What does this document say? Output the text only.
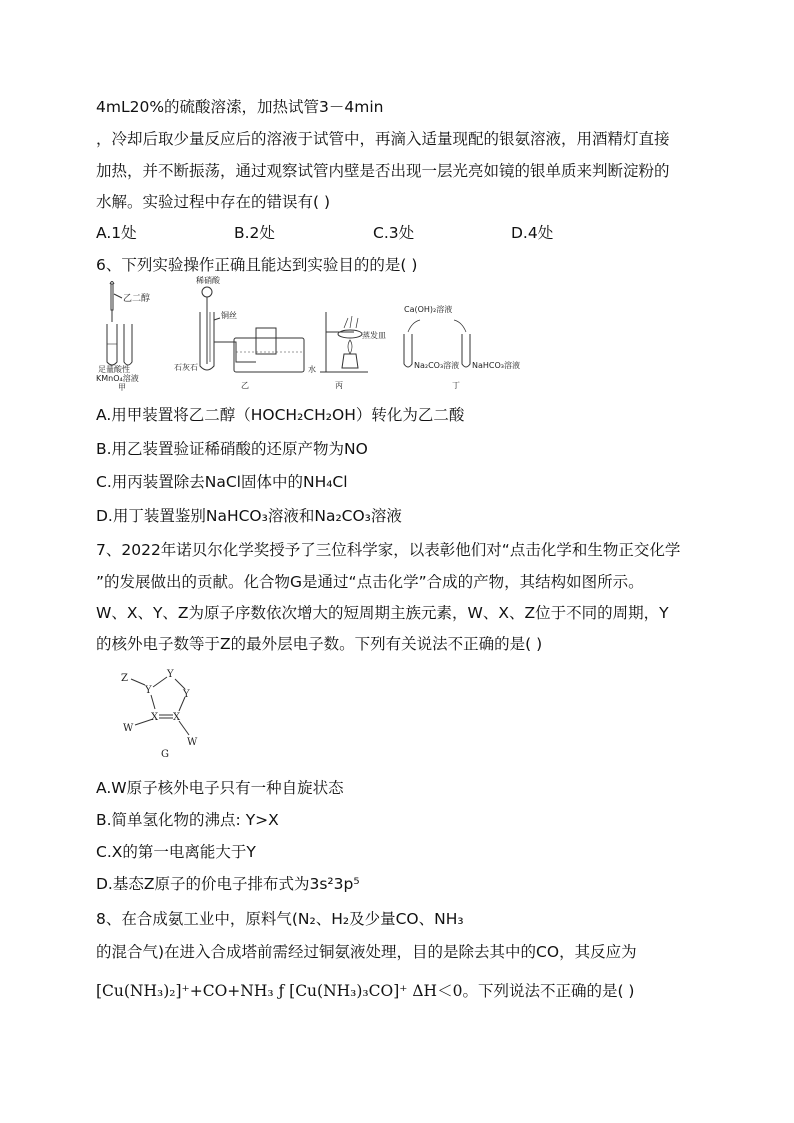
4mL20%的硫酸溶溹，加热试管3－4min
，冷却后取少量反应后的溶液于试管中，再滴入适量现配的银氨溶液，用酒精灯直接
加热，并不断振荡，通过观察试管内壁是否出现一层光亮如镜的银单质来判断淀粉的
水解。实验过程中存在的错误有( )
A.1处	B.2处	C.3处	D.4处
6、下列实验操作正确且能达到实验目的的是( )
乙二醇
足量酸性
KMnO₄溶液
甲
稀硝酸
铜丝
石灰石	水
乙
蒸发皿
丙
Ca(OH)₂溶液
Na₂CO₃溶液 NaHCO₃溶液
丁
A.用甲装置将乙二醇（HOCH₂CH₂OH）转化为乙二酸
B.用乙装置验证稀硝酸的还原产物为NO
C.用丙装置除去NaCl固体中的NH₄Cl
D.用丁装置鉴别NaHCO₃溶液和Na₂CO₃溶液
7、2022年诺贝尔化学奖授予了三位科学家，以表彰他们对“点击化学和生物正交化学
”的发展做出的贡献。化合物G是通过“点击化学”合成的产物，其结构如图所示。
W、X、Y、Z为原子序数依次增大的短周期主族元素，W、X、Z位于不同的周期，Y
的核外电子数等于Z的最外层电子数。下列有关说法不正确的是( )
Z
Y
Y
Y
X X
W
W
G
A.W原子核外电子只有一种自旋状态
B.简单氢化物的沸点: Y>X
C.X的第一电离能大于Y
D.基态Z原子的价电子排布式为3s²3p⁵
8、在合成氨工业中，原料气(N₂、H₂及少量CO、NH₃
的混合气)在进入合成塔前需经过铜氨液处理，目的是除去其中的CO，其反应为
[Cu(NH₃)₂]⁺+CO+NH₃ ƒ [Cu(NH₃)₃CO]⁺ ΔH＜0。下列说法不正确的是( )
